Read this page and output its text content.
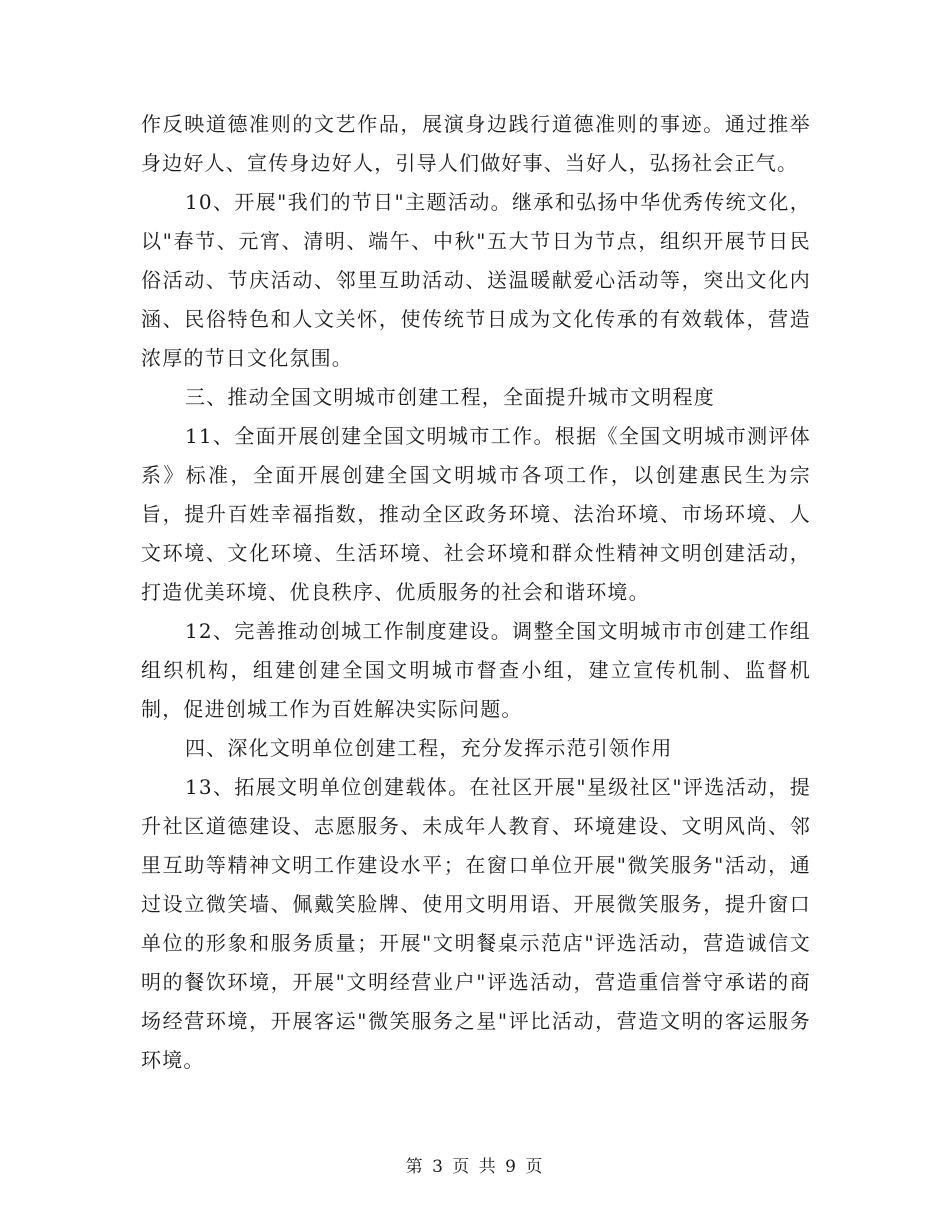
作反映道德准则的文艺作品，展演身边践行道德准则的事迹。通过推举身边好人、宣传身边好人，引导人们做好事、当好人，弘扬社会正气。

10、开展"我们的节日"主题活动。继承和弘扬中华优秀传统文化，以"春节、元宵、清明、端午、中秋"五大节日为节点，组织开展节日民俗活动、节庆活动、邻里互助活动、送温暖献爱心活动等，突出文化内涵、民俗特色和人文关怀，使传统节日成为文化传承的有效载体，营造浓厚的节日文化氛围。

三、推动全国文明城市创建工程，全面提升城市文明程度

11、全面开展创建全国文明城市工作。根据《全国文明城市测评体系》标准，全面开展创建全国文明城市各项工作，以创建惠民生为宗旨，提升百姓幸福指数，推动全区政务环境、法治环境、市场环境、人文环境、文化环境、生活环境、社会环境和群众性精神文明创建活动，打造优美环境、优良秩序、优质服务的社会和谐环境。

12、完善推动创城工作制度建设。调整全国文明城市市创建工作组组织机构，组建创建全国文明城市督查小组，建立宣传机制、监督机制，促进创城工作为百姓解决实际问题。

四、深化文明单位创建工程，充分发挥示范引领作用

13、拓展文明单位创建载体。在社区开展"星级社区"评选活动，提升社区道德建设、志愿服务、未成年人教育、环境建设、文明风尚、邻里互助等精神文明工作建设水平；在窗口单位开展"微笑服务"活动，通过设立微笑墙、佩戴笑脸牌、使用文明用语、开展微笑服务，提升窗口单位的形象和服务质量；开展"文明餐桌示范店"评选活动，营造诚信文明的餐饮环境，开展"文明经营业户"评选活动，营造重信誉守承诺的商场经营环境，开展客运"微笑服务之星"评比活动，营造文明的客运服务环境。

第 3 页 共 9 页
